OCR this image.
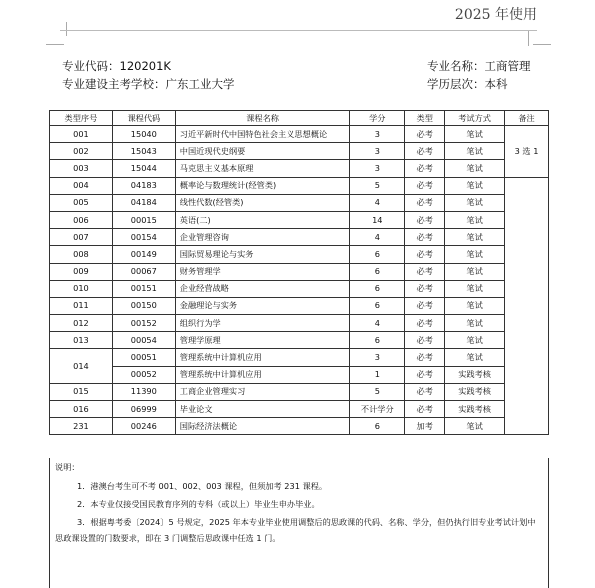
2025 年使用
专业代码：120201K
专业建设主考学校：广东工业大学
专业名称：工商管理
学历层次：本科
类型序号	课程代码	课程名称	学分	类型	考试方式	备注
001	15040	习近平新时代中国特色社会主义思想概论	3	必考	笔试	3 选 1
002	15043	中国近现代史纲要	3	必考	笔试	
003	15044	马克思主义基本原理	3	必考	笔试	
004	04183	概率论与数理统计(经管类)	5	必考	笔试	
005	04184	线性代数(经管类)	4	必考	笔试	
006	00015	英语(二)	14	必考	笔试	
007	00154	企业管理咨询	4	必考	笔试	
008	00149	国际贸易理论与实务	6	必考	笔试	
009	00067	财务管理学	6	必考	笔试	
010	00151	企业经营战略	6	必考	笔试	
011	00150	金融理论与实务	6	必考	笔试	
012	00152	组织行为学	4	必考	笔试	
013	00054	管理学原理	6	必考	笔试	
014	00051	管理系统中计算机应用	3	必考	笔试	
	00052	管理系统中计算机应用	1	必考	实践考核	
015	11390	工商企业管理实习	5	必考	实践考核	
016	06999	毕业论文	不计学分	必考	实践考核	
231	00246	国际经济法概论	6	加考	笔试	
说明：
1．港澳台考生可不考 001、002、003 课程，但须加考 231 课程。
2．本专业仅接受国民教育序列的专科（或以上）毕业生申办毕业。
3．根据粤考委〔2024〕5 号规定，2025 年本专业毕业使用调整后的思政课的代码、名称、学分，但仍执行旧专业考试计划中思政课设置的门数要求，即在 3 门调整后思政课中任选 1 门。
